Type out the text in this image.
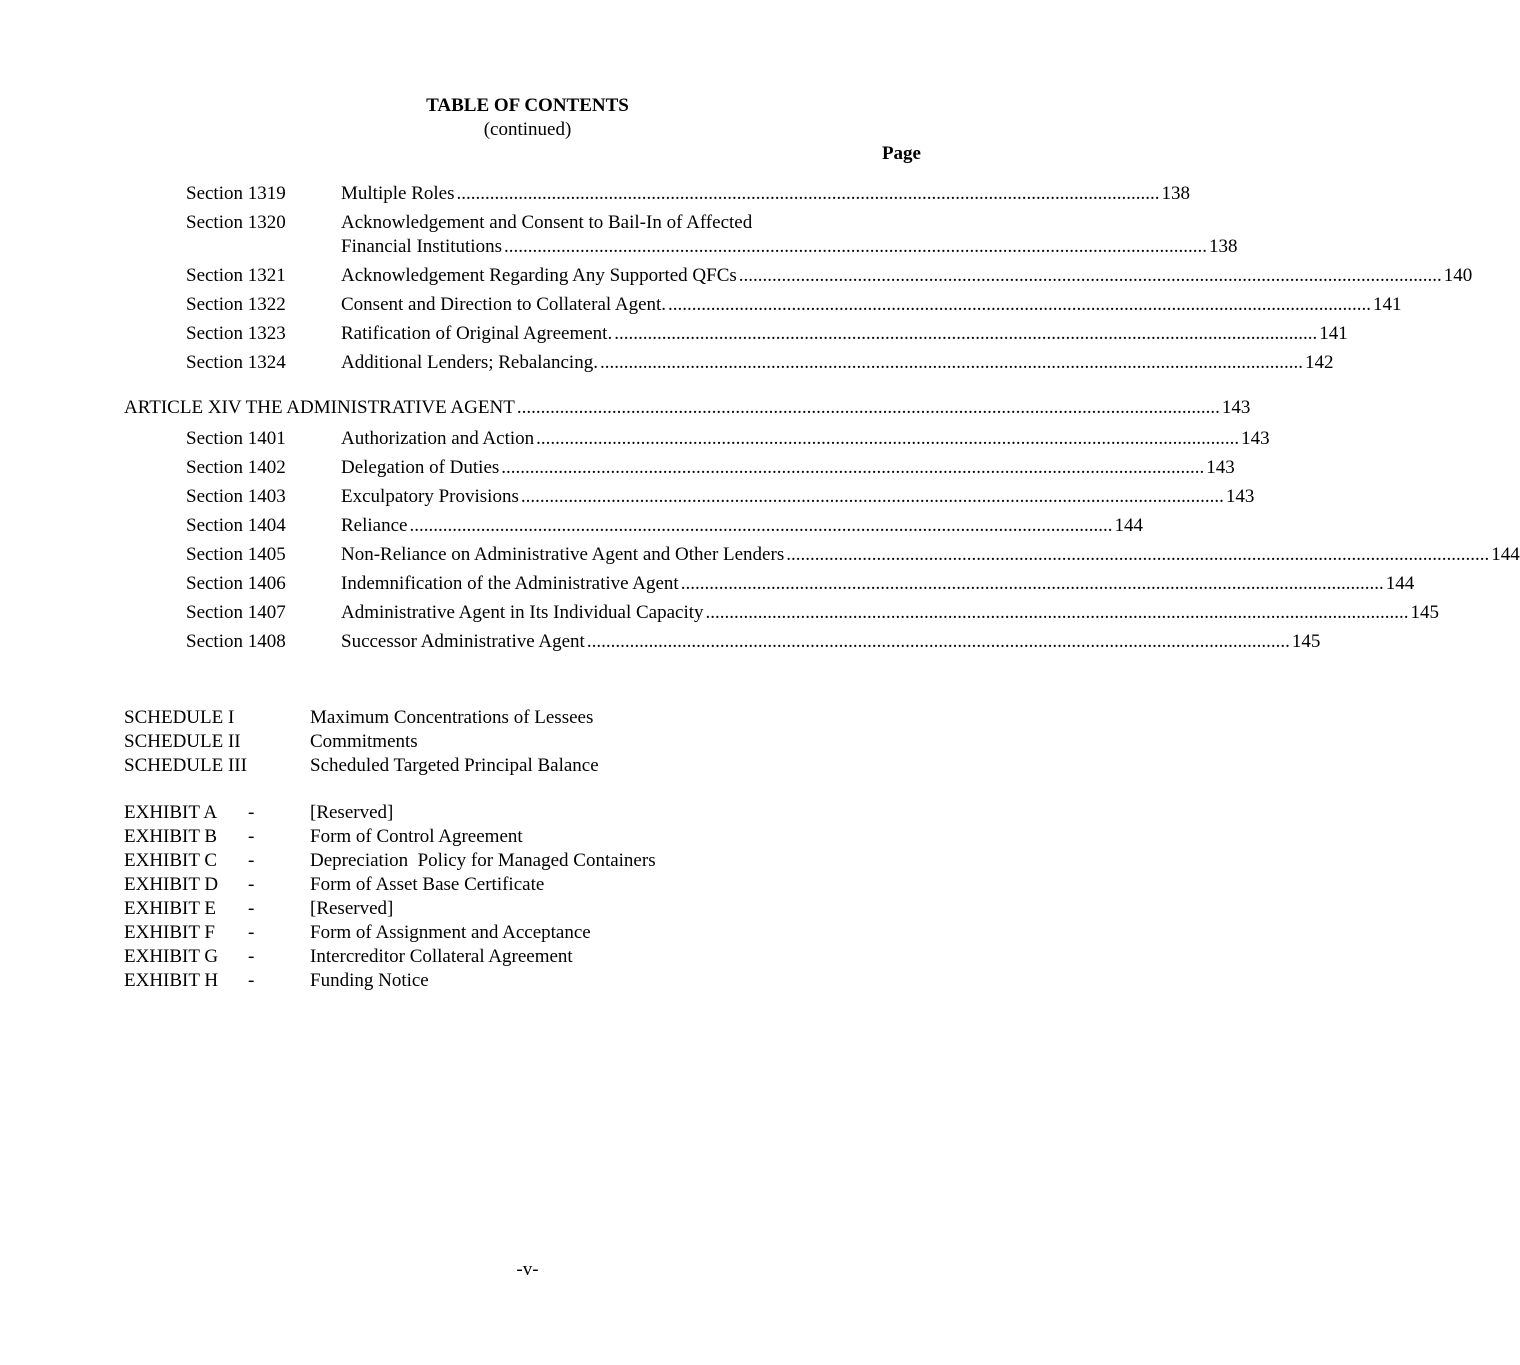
TABLE OF CONTENTS
(continued)
Page
Section 1319	Multiple Roles .................................................................................................................................................... 138
Section 1320	Acknowledgement and Consent to Bail-In of Affected
Financial Institutions .................................................................................................................................................... 138
Section 1321	Acknowledgement Regarding Any Supported QFCs .................................................................................................................................................... 140
Section 1322	Consent and Direction to Collateral Agent. .................................................................................................................................................... 141
Section 1323	Ratification of Original Agreement. .................................................................................................................................................... 141
Section 1324	Additional Lenders; Rebalancing. .................................................................................................................................................... 142
ARTICLE XIV THE ADMINISTRATIVE AGENT .................................................................................................................................................... 143
Section 1401	Authorization and Action .................................................................................................................................................... 143
Section 1402	Delegation of Duties .................................................................................................................................................... 143
Section 1403	Exculpatory Provisions .................................................................................................................................................... 143
Section 1404	Reliance .................................................................................................................................................... 144
Section 1405	Non-Reliance on Administrative Agent and Other Lenders .................................................................................................................................................... 144
Section 1406	Indemnification of the Administrative Agent .................................................................................................................................................... 144
Section 1407	Administrative Agent in Its Individual Capacity .................................................................................................................................................... 145
Section 1408	Successor Administrative Agent .................................................................................................................................................... 145
SCHEDULE I	Maximum Concentrations of Lessees
SCHEDULE II	Commitments
SCHEDULE III	Scheduled Targeted Principal Balance
EXHIBIT A -	[Reserved]
EXHIBIT B -	Form of Control Agreement
EXHIBIT C -	Depreciation  Policy for Managed Containers
EXHIBIT D -	Form of Asset Base Certificate
EXHIBIT E -	[Reserved]
EXHIBIT F -	Form of Assignment and Acceptance
EXHIBIT G -	Intercreditor Collateral Agreement
EXHIBIT H -	Funding Notice
-v-
